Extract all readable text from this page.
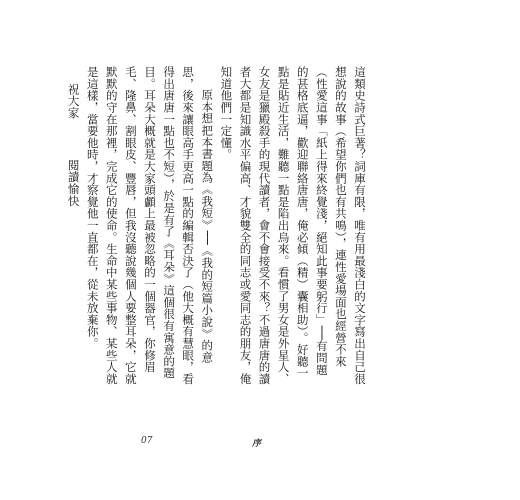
這類史詩式巨著？詞庫有限，唯有用最淺白的文字寫出自己很想說的故事（希望你們也有共鳴），連性愛場面也經營不來（性愛這事「紙上得來終覺淺，絕知此事要躬行」──有問題的甚格底逼，歡迎聯絡唐唐，俺必傾（精）囊相助）。好聽一點是貼近生活，難聽一點是陷出烏來。看慣了男女是外星人、女友是獵殿殺手的現代讀者，會不會接受不來？不過唐唐的讀者大都是知識水平偏高、才貌雙全的同志或愛同志的朋友，俺知道他們一定懂。

原本想把本書題為《我短》──《我的短篇小說》的意思，後來讓眼高手更高一點的編輯否決了（他大概有慧眼，看得出唐唐一點也不短），於是有了《耳朵》這個很有寓意的題目。耳朵大概就是大家頭顱上最被忽略的一個器官，你修眉毛、隆鼻、割眼皮、豐唇，但我沒聽說幾個人要整耳朵，它就默默的守在那裡，完成它的使命。生命中某些事物、某些人就是這樣，當要他時，才察覺他一直都在，從未放棄你。

祝大家閱讀愉快

07	序
